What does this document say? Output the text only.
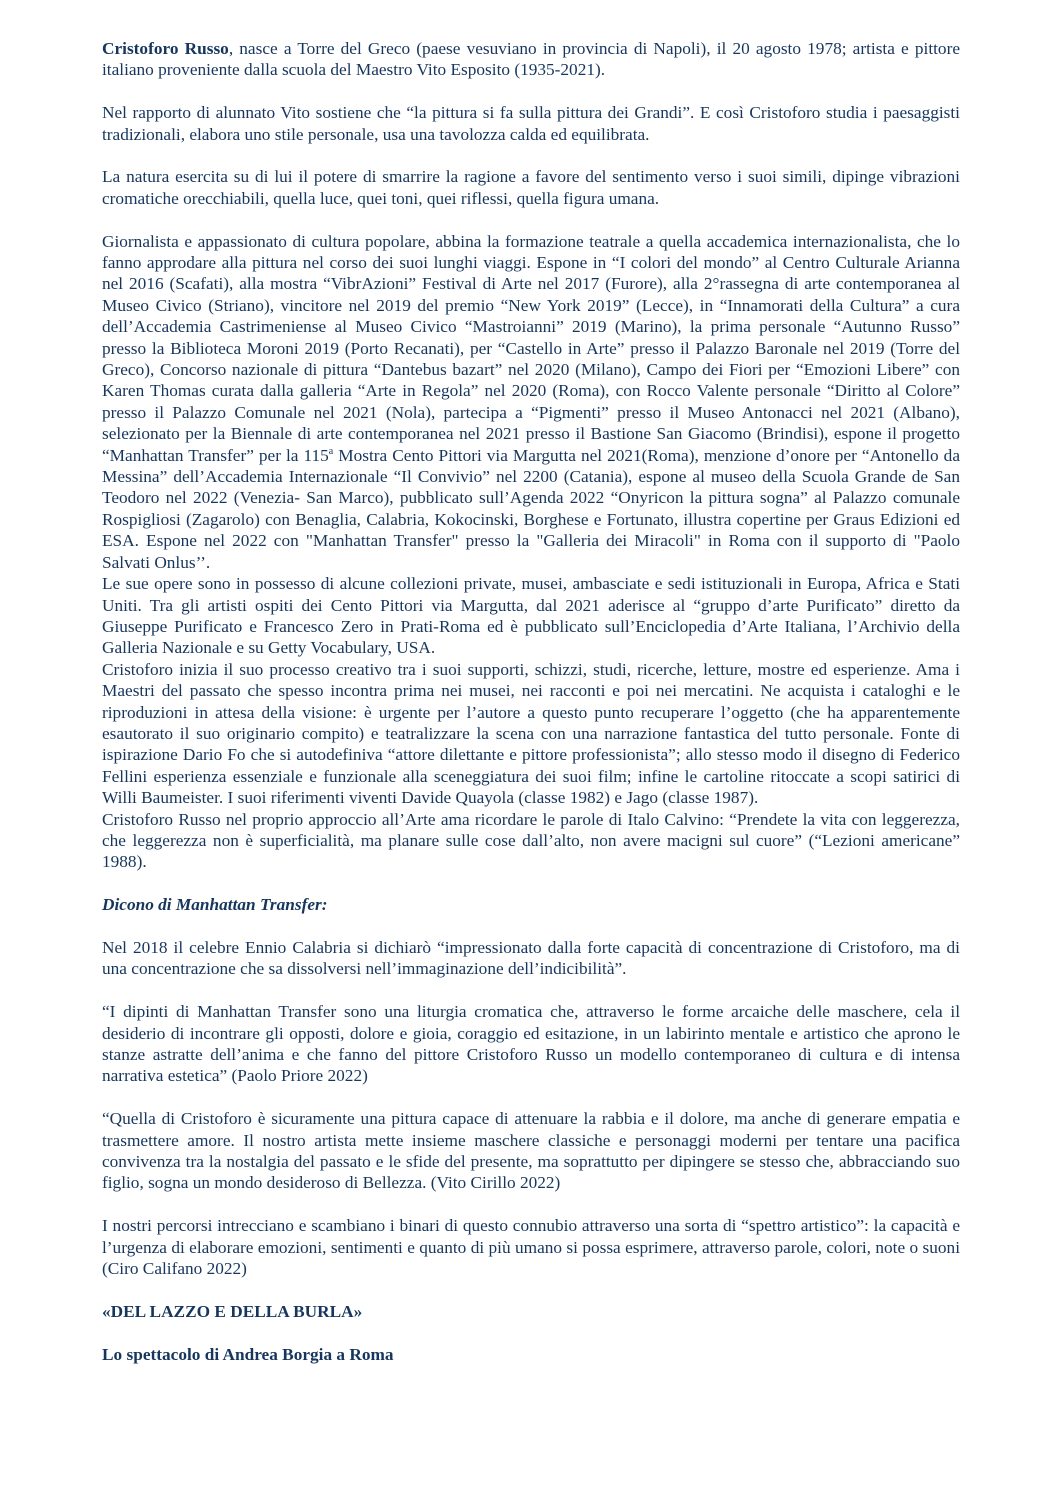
Cristoforo Russo, nasce a Torre del Greco (paese vesuviano in provincia di Napoli), il 20 agosto 1978; artista e pittore italiano proveniente dalla scuola del Maestro Vito Esposito (1935-2021).

Nel rapporto di alunnato Vito sostiene che “la pittura si fa sulla pittura dei Grandi”. E così Cristoforo studia i paesaggisti tradizionali, elabora uno stile personale, usa una tavolozza calda ed equilibrata.

La natura esercita su di lui il potere di smarrire la ragione a favore del sentimento verso i suoi simili, dipinge vibrazioni cromatiche orecchiabili, quella luce, quei toni, quei riflessi, quella figura umana.

Giornalista e appassionato di cultura popolare, abbina la formazione teatrale a quella accademica internazionalista, che lo fanno approdare alla pittura nel corso dei suoi lunghi viaggi. Espone in “I colori del mondo” al Centro Culturale Arianna nel 2016 (Scafati), alla mostra “VibrAzioni” Festival di Arte nel 2017 (Furore), alla 2°rassegna di arte contemporanea al Museo Civico (Striano), vincitore nel 2019 del premio “New York 2019” (Lecce), in “Innamorati della Cultura” a cura dell’Accademia Castrimeniense al Museo Civico “Mastroianni” 2019 (Marino), la prima personale “Autunno Russo” presso la Biblioteca Moroni 2019 (Porto Recanati), per “Castello in Arte” presso il Palazzo Baronale nel 2019 (Torre del Greco), Concorso nazionale di pittura “Dantebus bazart” nel 2020 (Milano), Campo dei Fiori per “Emozioni Libere” con Karen Thomas curata dalla galleria “Arte in Regola” nel 2020 (Roma), con Rocco Valente personale “Diritto al Colore” presso il Palazzo Comunale nel 2021 (Nola), partecipa a “Pigmenti” presso il Museo Antonacci nel 2021 (Albano), selezionato per la Biennale di arte contemporanea nel 2021 presso il Bastione San Giacomo (Brindisi), espone il progetto “Manhattan Transfer” per la 115$^a$ Mostra Cento Pittori via Margutta nel 2021(Roma), menzione d’onore per “Antonello da Messina” dell’Accademia Internazionale “Il Convivio” nel 2200 (Catania), espone al museo della Scuola Grande de San Teodoro nel 2022 (Venezia- San Marco), pubblicato sull’Agenda 2022 “Onyricon la pittura sogna” al Palazzo comunale Rospigliosi (Zagarolo) con Benaglia, Calabria, Kokocinski, Borghese e Fortunato, illustra copertine per Graus Edizioni ed ESA. Espone nel 2022 con "Manhattan Transfer" presso la "Galleria dei Miracoli" in Roma con il supporto di "Paolo Salvati Onlus’’.

Le sue opere sono in possesso di alcune collezioni private, musei, ambasciate e sedi istituzionali in Europa, Africa e Stati Uniti. Tra gli artisti ospiti dei Cento Pittori via Margutta, dal 2021 aderisce al “gruppo d’arte Purificato” diretto da Giuseppe Purificato e Francesco Zero in Prati-Roma ed è pubblicato sull’Enciclopedia d’Arte Italiana, l’Archivio della Galleria Nazionale e su Getty Vocabulary, USA.

Cristoforo inizia il suo processo creativo tra i suoi supporti, schizzi, studi, ricerche, letture, mostre ed esperienze. Ama i Maestri del passato che spesso incontra prima nei musei, nei racconti e poi nei mercatini. Ne acquista i cataloghi e le riproduzioni in attesa della visione: è urgente per l’autore a questo punto recuperare l’oggetto (che ha apparentemente esautorato il suo originario compito) e teatralizzare la scena con una narrazione fantastica del tutto personale. Fonte di ispirazione Dario Fo che si autodefiniva “attore dilettante e pittore professionista”; allo stesso modo il disegno di Federico Fellini esperienza essenziale e funzionale alla sceneggiatura dei suoi film; infine le cartoline ritoccate a scopi satirici di Willi Baumeister. I suoi riferimenti viventi Davide Quayola (classe 1982) e Jago (classe 1987).

Cristoforo Russo nel proprio approccio all’Arte ama ricordare le parole di Italo Calvino: “Prendete la vita con leggerezza, che leggerezza non è superficialità, ma planare sulle cose dall’alto, non avere macigni sul cuore” (“Lezioni americane” 1988).

Dicono di Manhattan Transfer:

Nel 2018 il celebre Ennio Calabria si dichiarò “impressionato dalla forte capacità di concentrazione di Cristoforo, ma di una concentrazione che sa dissolversi nell’immaginazione dell’indicibilità”.

“I dipinti di Manhattan Transfer sono una liturgia cromatica che, attraverso le forme arcaiche delle maschere, cela il desiderio di incontrare gli opposti, dolore e gioia, coraggio ed esitazione, in un labirinto mentale e artistico che aprono le stanze astratte dell’anima e che fanno del pittore Cristoforo Russo un modello contemporaneo di cultura e di intensa narrativa estetica” (Paolo Priore 2022)

“Quella di Cristoforo è sicuramente una pittura capace di attenuare la rabbia e il dolore, ma anche di generare empatia e trasmettere amore. Il nostro artista mette insieme maschere classiche e personaggi moderni per tentare una pacifica convivenza tra la nostalgia del passato e le sfide del presente, ma soprattutto per dipingere se stesso che, abbracciando suo figlio, sogna un mondo desideroso di Bellezza. (Vito Cirillo 2022)

I nostri percorsi intrecciano e scambiano i binari di questo connubio attraverso una sorta di “spettro artistico”: la capacità e l’urgenza di elaborare emozioni, sentimenti e quanto di più umano si possa esprimere, attraverso parole, colori, note o suoni (Ciro Califano 2022)

«DEL LAZZO E DELLA BURLA»

Lo spettacolo di Andrea Borgia a Roma
